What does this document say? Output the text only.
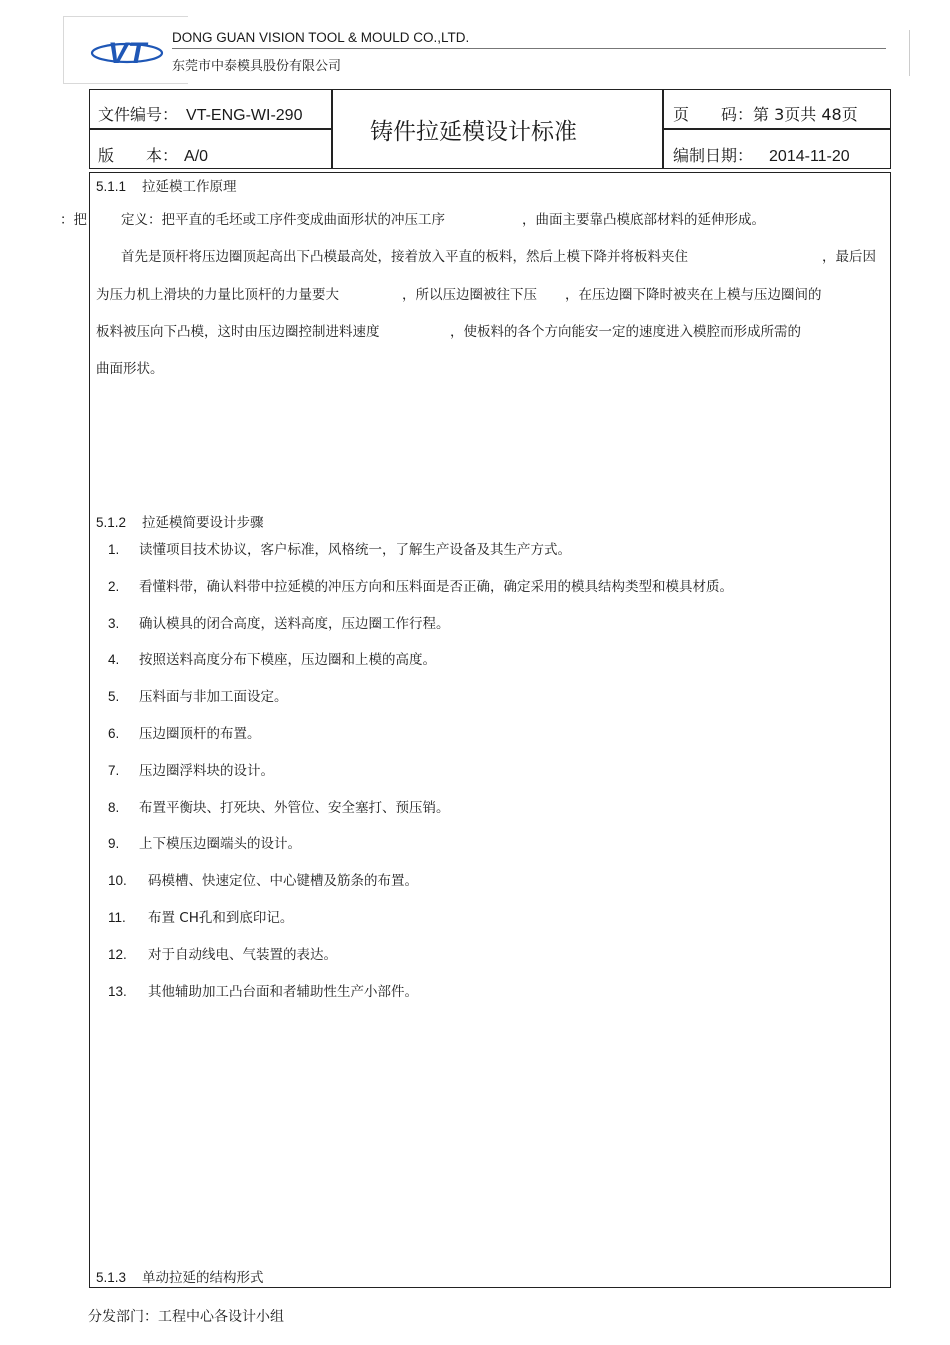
VT DONG GUAN VISION TOOL & MOULD CO.,LTD.
东莞市中泰模具股份有限公司
文件编号： VT-ENG-WI-290
版　　本： A/0
铸件拉延模设计标准
页　　码：第 3页共 48页
编制日期： 2014-11-20
5.1.1 拉延模工作原理
：把	定义：把平直的毛坯或工序件变成曲面形状的冲压工序	，曲面主要靠凸模底部材料的延伸形成。
首先是顶杆将压边圈顶起高出下凸模最高处，接着放入平直的板料，然后上模下降并将板料夹住	，最后因
为压力机上滑块的力量比顶杆的力量要大	，所以压边圈被往下压 ，在压边圈下降时被夹在上模与压边圈间的
板料被压向下凸模，这时由压边圈控制进料速度	，使板料的各个方向能安一定的速度进入模腔而形成所需的
曲面形状。
5.1.2 拉延模简要设计步骤
1. 读懂项目技术协议，客户标准，风格统一，了解生产设备及其生产方式。
2. 看懂料带，确认料带中拉延模的冲压方向和压料面是否正确，确定采用的模具结构类型和模具材质。
3. 确认模具的闭合高度，送料高度，压边圈工作行程。
4. 按照送料高度分布下模座，压边圈和上模的高度。
5. 压料面与非加工面设定。
6. 压边圈顶杆的布置。
7. 压边圈浮料块的设计。
8. 布置平衡块、打死块、外管位、安全塞打、预压销。
9. 上下模压边圈端头的设计。
10. 码模槽、快速定位、中心键槽及筋条的布置。
11. 布置 CH孔和到底印记。
12. 对于自动线电、气装置的表达。
13. 其他辅助加工凸台面和者辅助性生产小部件。
5.1.3 单动拉延的结构形式
分发部门：工程中心各设计小组
